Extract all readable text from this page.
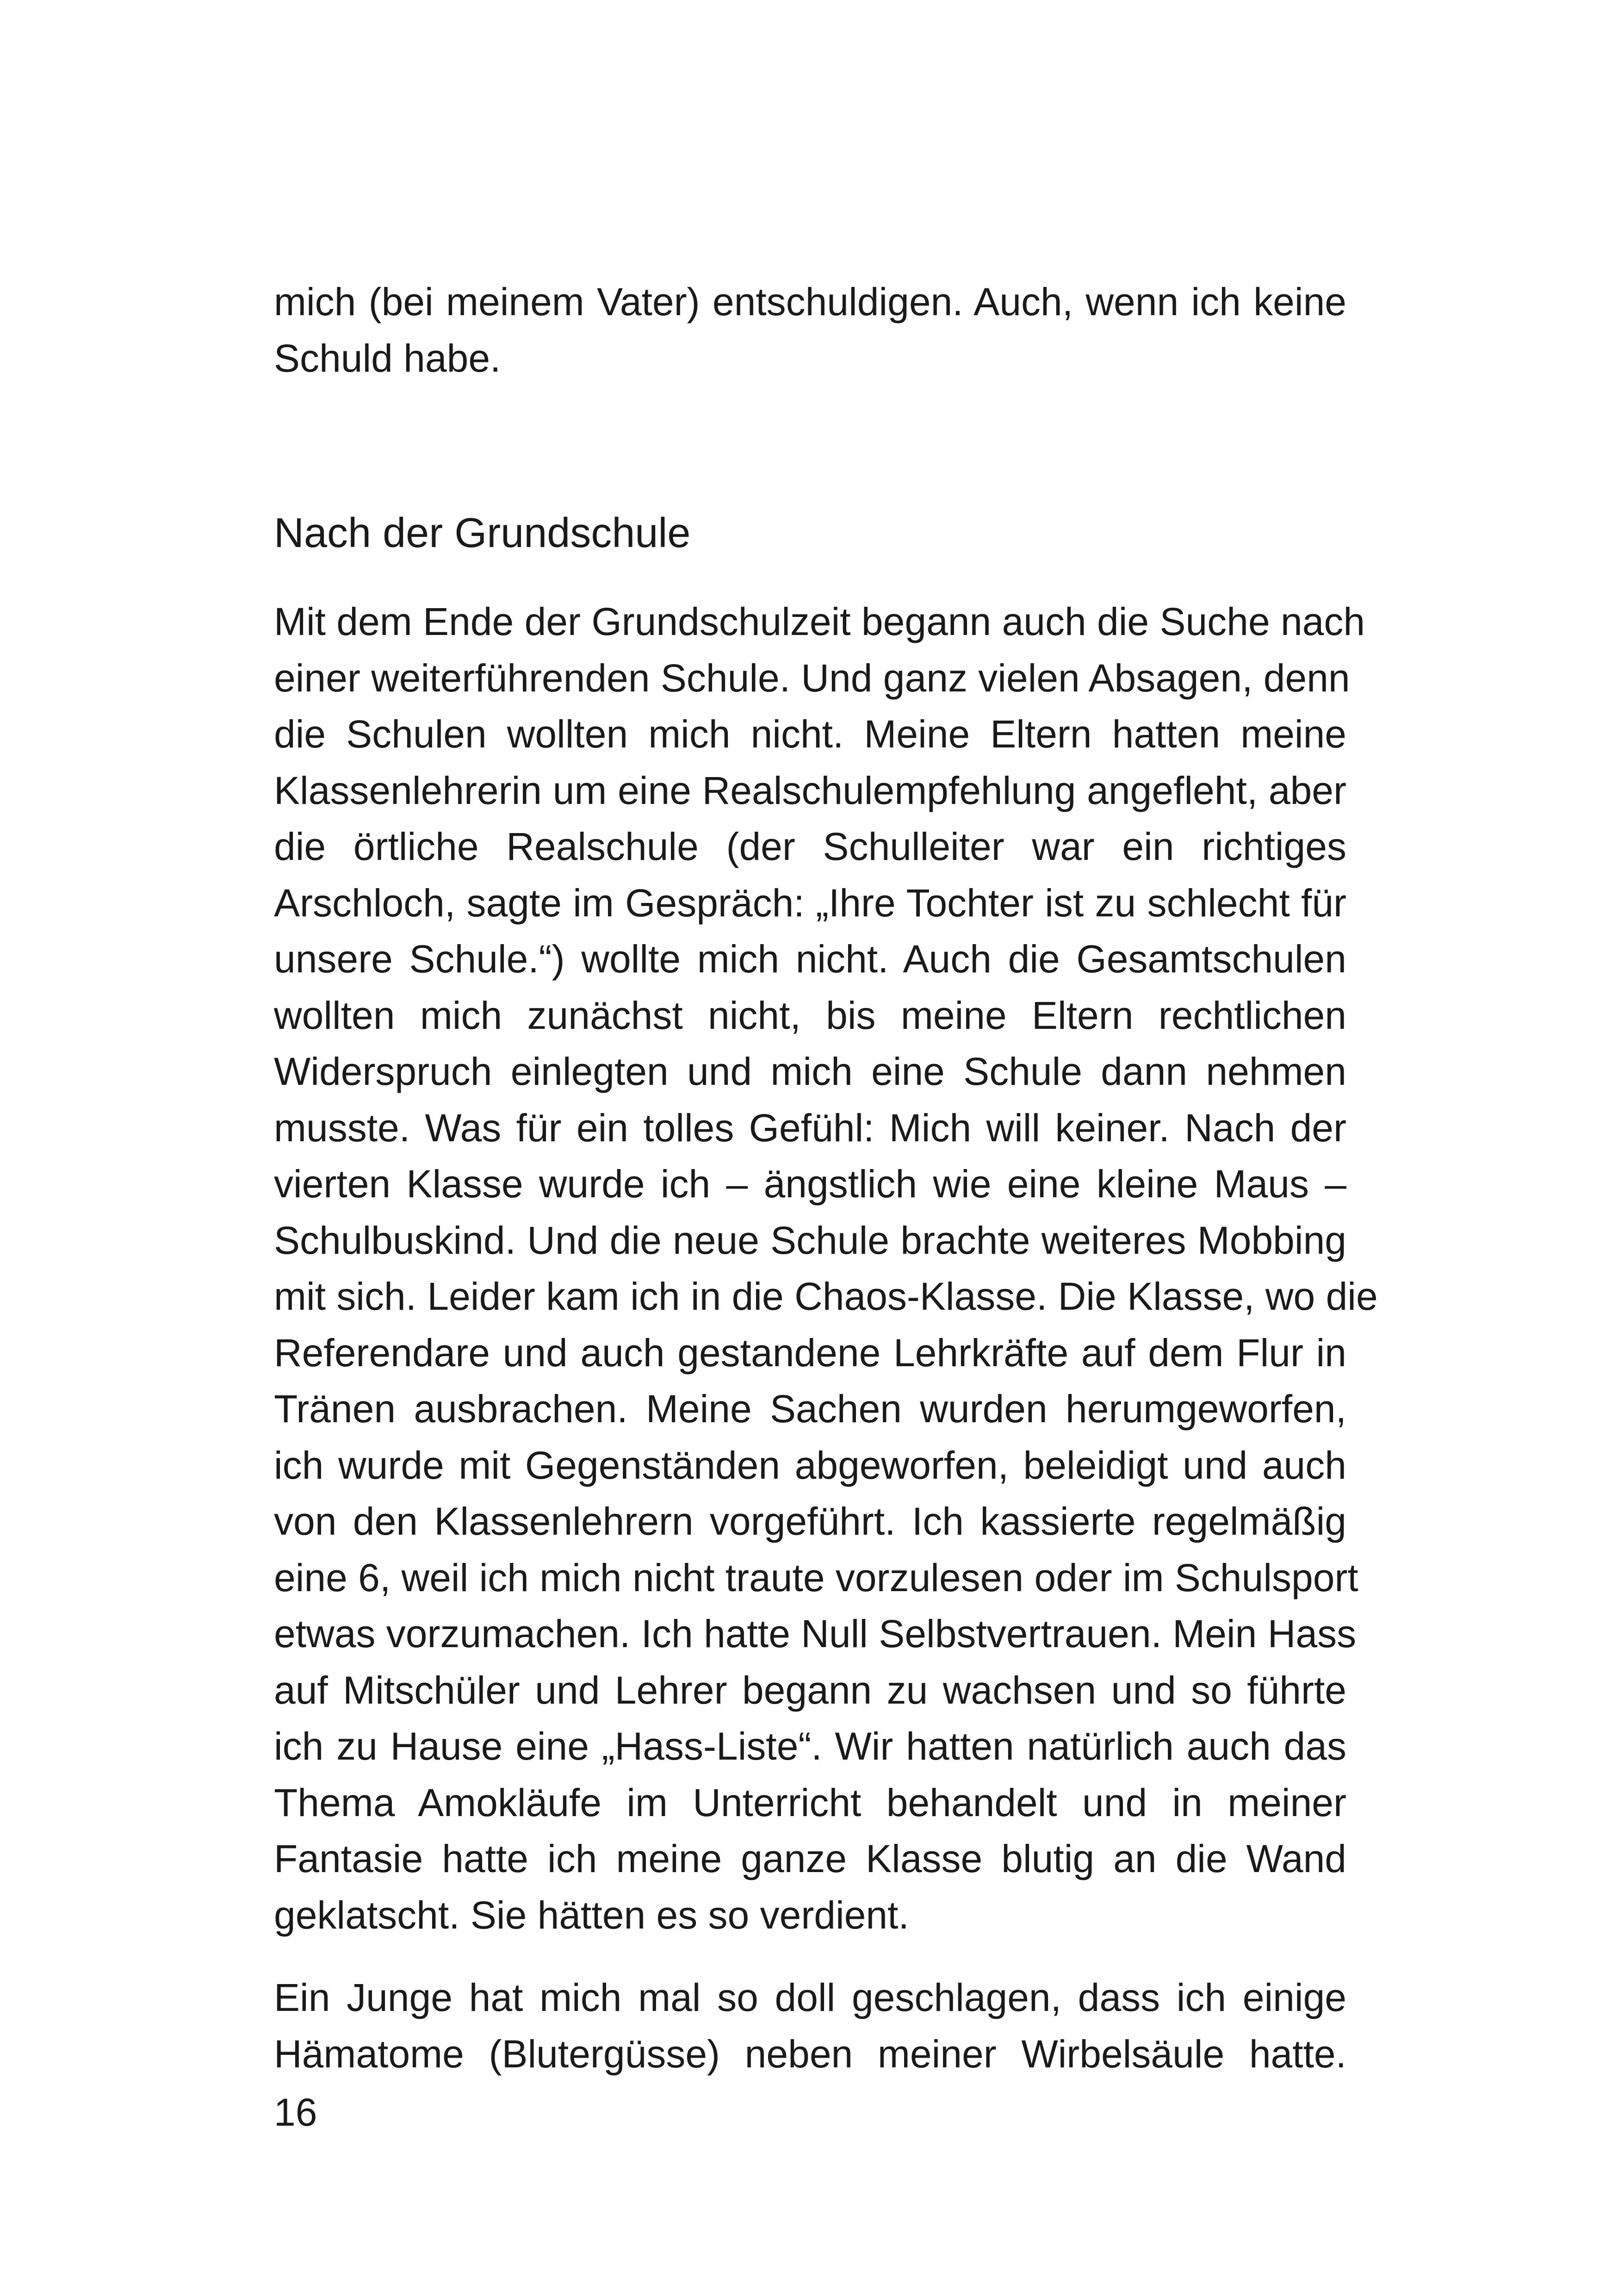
mich (bei meinem Vater) entschuldigen. Auch, wenn ich keine
Schuld habe.
Nach der Grundschule
Mit dem Ende der Grundschulzeit begann auch die Suche nach
einer weiterführenden Schule. Und ganz vielen Absagen, denn
die Schulen wollten mich nicht. Meine Eltern hatten meine
Klassenlehrerin um eine Realschulempfehlung angefleht, aber
die örtliche Realschule (der Schulleiter war ein richtiges
Arschloch, sagte im Gespräch: „Ihre Tochter ist zu schlecht für
unsere Schule.“) wollte mich nicht. Auch die Gesamtschulen
wollten mich zunächst nicht, bis meine Eltern rechtlichen
Widerspruch einlegten und mich eine Schule dann nehmen
musste. Was für ein tolles Gefühl: Mich will keiner. Nach der
vierten Klasse wurde ich – ängstlich wie eine kleine Maus –
Schulbuskind. Und die neue Schule brachte weiteres Mobbing
mit sich. Leider kam ich in die Chaos-Klasse. Die Klasse, wo die
Referendare und auch gestandene Lehrkräfte auf dem Flur in
Tränen ausbrachen. Meine Sachen wurden herumgeworfen,
ich wurde mit Gegenständen abgeworfen, beleidigt und auch
von den Klassenlehrern vorgeführt. Ich kassierte regelmäßig
eine 6, weil ich mich nicht traute vorzulesen oder im Schulsport
etwas vorzumachen. Ich hatte Null Selbstvertrauen. Mein Hass
auf Mitschüler und Lehrer begann zu wachsen und so führte
ich zu Hause eine „Hass-Liste“. Wir hatten natürlich auch das
Thema Amokläufe im Unterricht behandelt und in meiner
Fantasie hatte ich meine ganze Klasse blutig an die Wand
geklatscht. Sie hätten es so verdient.
Ein Junge hat mich mal so doll geschlagen, dass ich einige
Hämatome (Blutergüsse) neben meiner Wirbelsäule hatte.
16
